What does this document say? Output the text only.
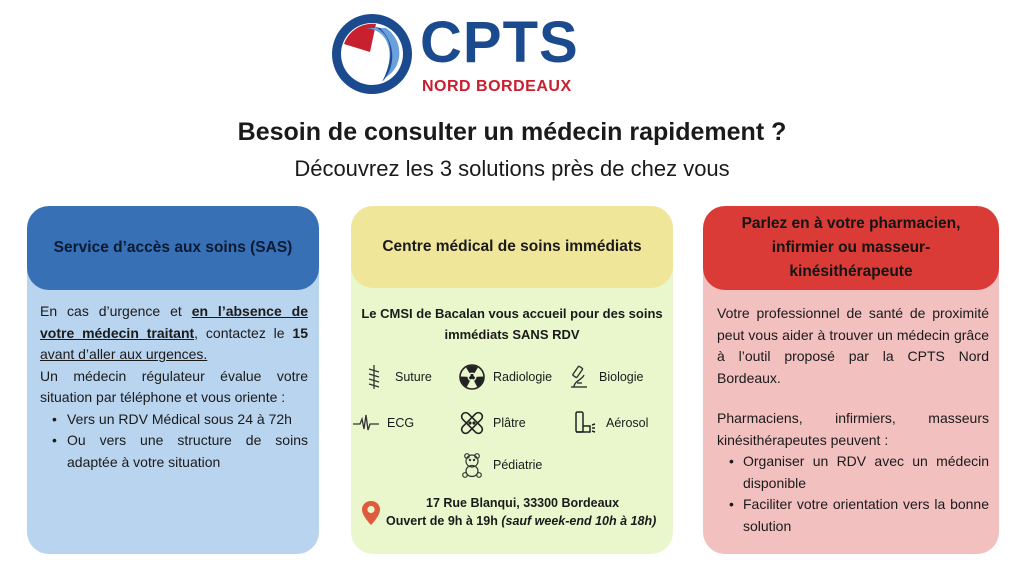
CPTS
NORD BORDEAUX
Besoin de consulter un médecin rapidement ?
Découvrez les 3 solutions près de chez vous
Service d’accès aux soins (SAS)
En cas d’urgence et en l’absence de votre médecin traitant, contactez le 15 avant d’aller aux urgences.
Un médecin régulateur évalue votre situation par téléphone et vous oriente :
• Vers un RDV Médical sous 24 à 72h
• Ou vers une structure de soins adaptée à votre situation
Centre médical de soins immédiats
Le CMSI de Bacalan vous accueil pour des soins immédiats SANS RDV
Suture	Radiologie	Biologie
ECG	Plâtre	Aérosol
Pédiatrie
17 Rue Blanqui, 33300 Bordeaux
Ouvert de 9h à 19h (sauf week-end 10h à 18h)
Parlez en à votre pharmacien, infirmier ou masseur-kinésithérapeute
Votre professionnel de santé de proximité peut vous aider à trouver un médecin grâce à l’outil proposé par la CPTS Nord Bordeaux.
Pharmaciens, infirmiers, masseurs kinésithérapeutes peuvent :
• Organiser un RDV avec un médecin disponible
• Faciliter votre orientation vers la bonne solution
